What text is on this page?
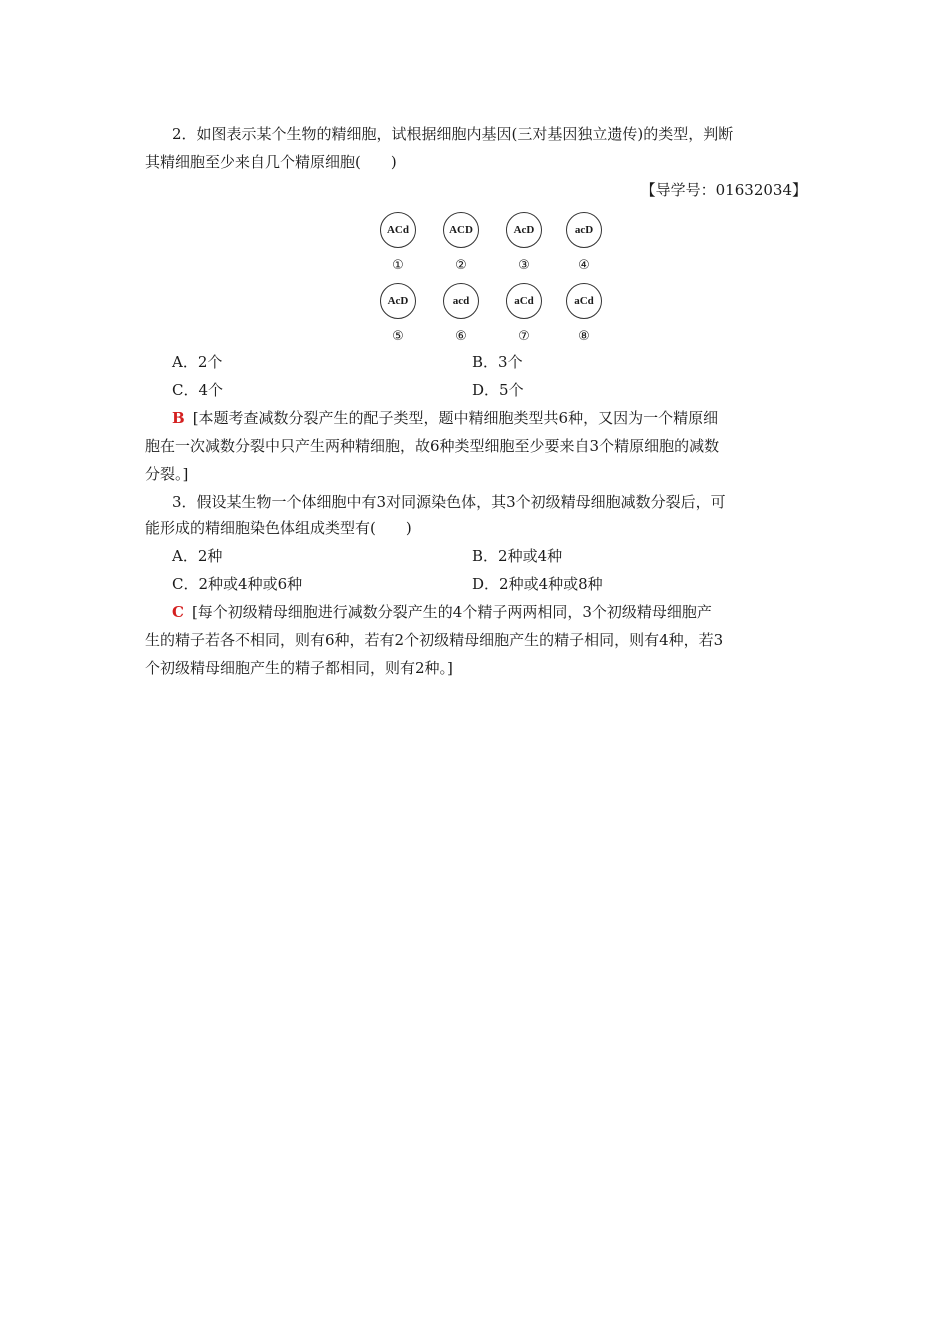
2．如图表示某个生物的精细胞，试根据细胞内基因(三对基因独立遗传)的类型，判断
其精细胞至少来自几个精原细胞(　　)
【导学号：01632034】
ACd	ACD	AcD	acD
①	②	③	④
AcD	acd	aCd	aCd
⑤	⑥	⑦	⑧
A．2个	B．3个
C．4个	D．5个
B [本题考查减数分裂产生的配子类型，题中精细胞类型共6种，又因为一个精原细
胞在一次减数分裂中只产生两种精细胞，故6种类型细胞至少要来自3个精原细胞的减数
分裂。]
3．假设某生物一个体细胞中有3对同源染色体，其3个初级精母细胞减数分裂后，可
能形成的精细胞染色体组成类型有(　　)
A．2种	B．2种或4种
C．2种或4种或6种	D．2种或4种或8种
C [每个初级精母细胞进行减数分裂产生的4个精子两两相同，3个初级精母细胞产
生的精子若各不相同，则有6种，若有2个初级精母细胞产生的精子相同，则有4种，若3
个初级精母细胞产生的精子都相同，则有2种。]
